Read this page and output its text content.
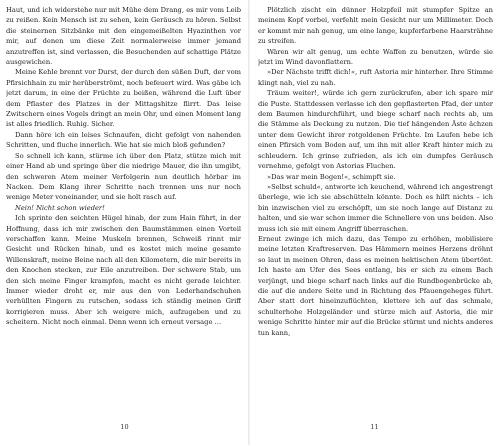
Haut, und ich widerstehe nur mit Mühe dem Drang, es mir vom Leib zu reißen. Kein Mensch ist zu sehen, kein Geräusch zu hören. Selbst die steinernen Sitzbänke mit den eingemeißelten Hyazinthen vor mir, auf denen um diese Zeit normalerweise immer jemand anzutreffen ist, sind verlassen, die Besuchenden auf schattige Plätze ausgewichen.

Meine Kehle brennt vor Durst, der durch den süßen Duft, der vom Pfirsichhain zu mir herüberströmt, noch befeuert wird. Was gäbe ich jetzt darum, in eine der Früchte zu beißen, während die Luft über dem Pflaster des Platzes in der Mittagshitze flirrt. Das leise Zwitschern eines Vogels dringt an mein Ohr, und einen Moment lang ist alles friedlich. Ruhig. Sicher.

Dann höre ich ein leises Schnaufen, dicht gefolgt von nahenden Schritten, und fluche innerlich. Wie hat sie mich bloß gefunden?

So schnell ich kann, stürme ich über den Platz, stütze mich mit einer Hand ab und springe über die niedrige Mauer, die ihn umgibt, den schweren Atem meiner Verfolgerin nun deutlich hörbar im Nacken. Dem Klang ihrer Schritte nach trennen uns nur noch wenige Meter voneinander, und sie holt rasch auf.

Nein! Nicht schon wieder!

Ich sprinte den seichten Hügel hinab, der zum Hain führt, in der Hoffnung, dass ich mir zwischen den Baumstämmen einen Vorteil verschaffen kann. Meine Muskeln brennen, Schweiß rinnt mir Gesicht und Rücken hinab, und es kostet mich meine gesamte Willenskraft, meine Beine nach all den Kilometern, die mir bereits in den Knochen stecken, zur Eile anzutreiben. Der schwere Stab, um den sich meine Finger krampfen, macht es nicht gerade leichter. Immer wieder droht er, mir aus den von Lederhandschuhen verhüllten Fingern zu rutschen, sodass ich ständig meinen Griff korrigieren muss. Aber ich weigere mich, aufzugeben und zu scheitern. Nicht noch einmal. Denn wenn ich erneut versage …

10

Plötzlich zischt ein dünner Holzpfeil mit stumpfer Spitze an meinem Kopf vorbei, verfehlt mein Gesicht nur um Millimeter. Doch er kommt mir nah genug, um eine lange, kupferfarbene Haarsträhne zu streifen.

Wären wir alt genug, um echte Waffen zu benutzen, würde sie jetzt im Wind davonflattern.

»Der Nächste trifft dich!«, ruft Astoria mir hinterher. Ihre Stimme klingt nah, viel zu nah.

Träum weiter!, würde ich gern zurückrufen, aber ich spare mir die Puste. Stattdessen verlasse ich den gepflasterten Pfad, der unter dem Baumen hindurchführt, und biege scharf nach rechts ab, um die Stämme als Deckung zu nutzen. Die tief hängenden Äste ächzen unter dem Gewicht ihrer rotgoldenen Früchte. Im Laufen hebe ich einen Pfirsich vom Boden auf, um ihn mit aller Kraft hinter mich zu schleudern. Ich grinse zufrieden, als ich ein dumpfes Geräusch vernehme, gefolgt von Astorias Fluchen.

»Das war mein Bogen!«, schimpft sie.

»Selbst schuld«, antworte ich keuchend, während ich angestrengt überlege, wie ich sie abschütteln könnte. Doch es hilft nichts – ich bin inzwischen viel zu erschöpft, um sie noch lange auf Distanz zu halten, und sie war schon immer die Schnellere von uns beiden. Also muss ich sie mit einem Angriff überraschen.

Erneut zwinge ich mich dazu, das Tempo zu erhöhen, mobilisiere meine letzten Kraftreserven. Das Hämmern meines Herzens dröhnt so laut in meinen Ohren, dass es meinen hektischen Atem übertönt. Ich haste am Ufer des Sees entlang, bis er sich zu einem Bach verjüngt, und biege scharf nach links auf die Rundbogenbrücke ab, die auf die andere Seite und in Richtung des Pfauengeheges führt. Aber statt dort hineinzuflüchten, klettere ich auf das schmale, schulterhohe Holzgeländer und stürze mich auf Astoria, die mir wenige Schritte hinter mir auf die Brücke stürmt und nichts anderes tun kann,

11
